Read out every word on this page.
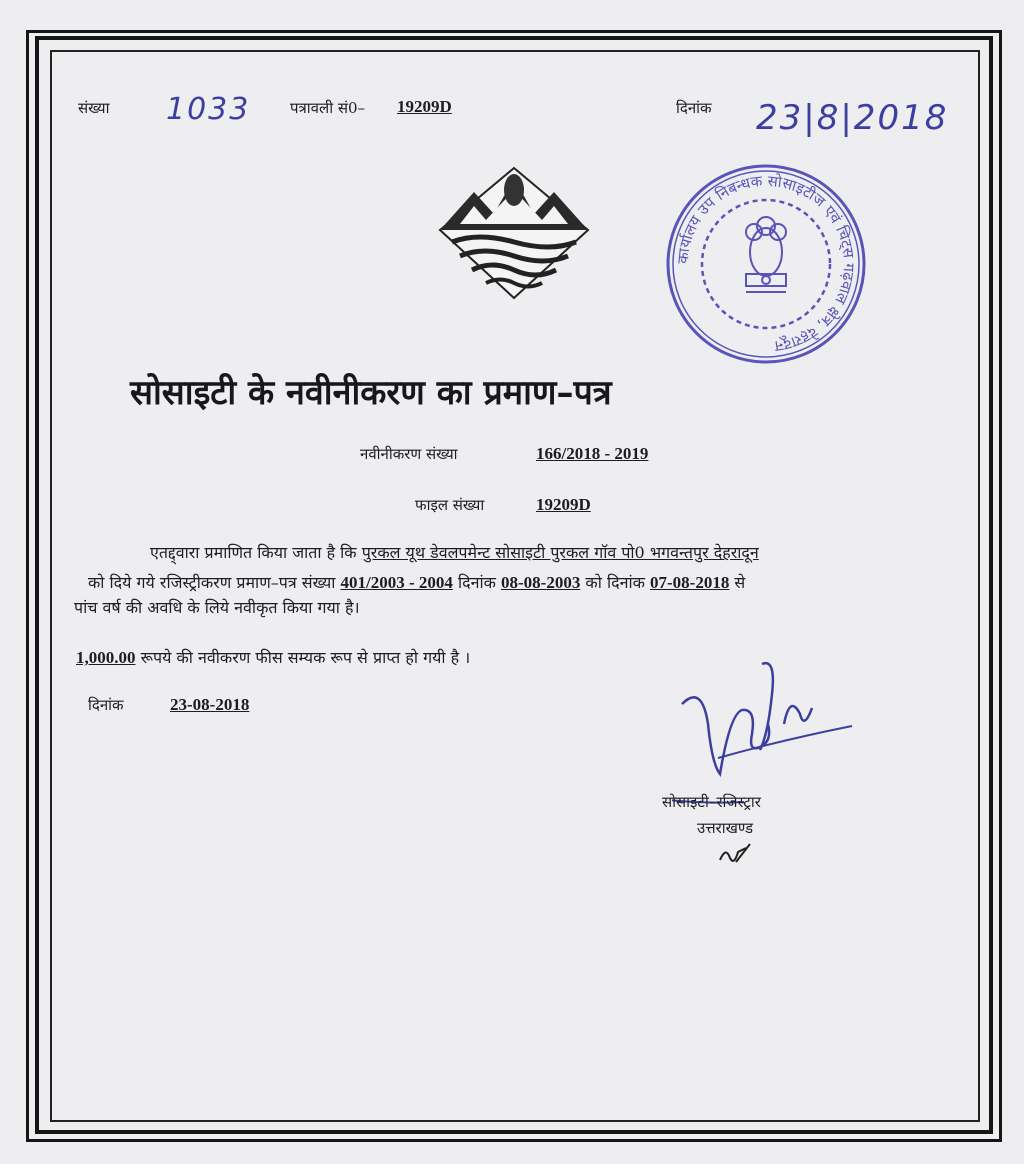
संख्या 1033	पत्रावली सं0– 19209D	दिनांक 23|8|2018
कार्यालय उप निबन्धक सोसाइटीज एवं चिट्स गढ़वाल क्षेत्र, देहरादून
सोसाइटी के नवीनीकरण का प्रमाण–पत्र
नवीनीकरण संख्या	166/2018 - 2019
फाइल संख्या	19209D
एतद्द्वारा प्रमाणित किया जाता है कि पुरकल यूथ डेवलपमेन्ट सोसाइटी पुरकल गॉव पो0 भगवन्तपुर देहरादून
को दिये गये रजिस्ट्रीकरण प्रमाण–पत्र संख्या 401/2003 - 2004 दिनांक 08-08-2003 को दिनांक 07-08-2018 से
पांच वर्ष की अवधि के लिये नवीकृत किया गया है।
1,000.00 रूपये की नवीकरण फीस सम्यक रूप से प्राप्त हो गयी है ।
दिनांक	23-08-2018
सोसाइटी–रजिस्ट्रार
उत्तराखण्ड
